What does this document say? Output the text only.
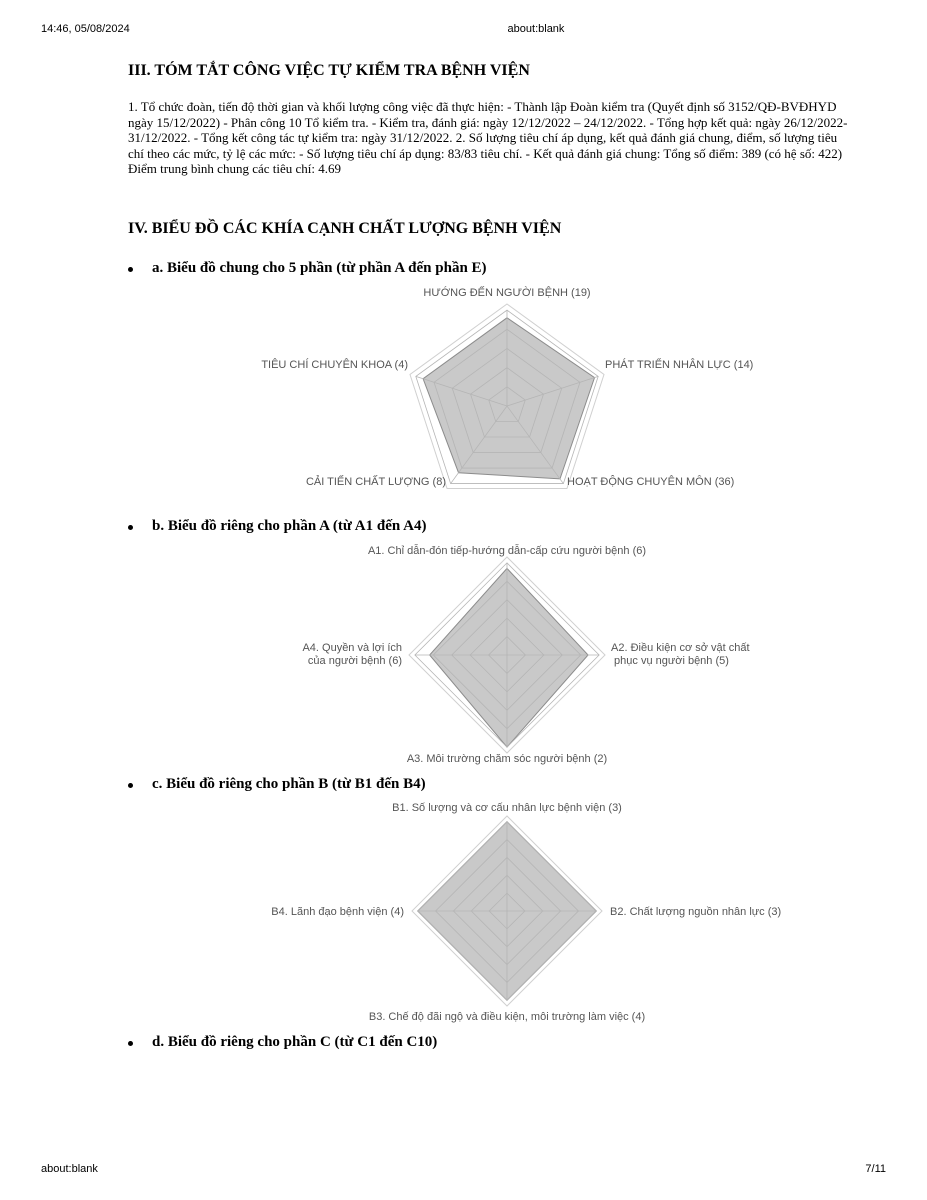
14:46, 05/08/2024	about:blank
III. TÓM TẮT CÔNG VIỆC TỰ KIỂM TRA BỆNH VIỆN

1. Tổ chức đoàn, tiến độ thời gian và khối lượng công việc đã thực hiện: - Thành lập Đoàn kiểm tra (Quyết định số 3152/QĐ-BVĐHYD ngày 15/12/2022) - Phân công 10 Tổ kiểm tra. - Kiểm tra, đánh giá: ngày 12/12/2022 – 24/12/2022. - Tổng hợp kết quả: ngày 26/12/2022-31/12/2022. - Tổng kết công tác tự kiểm tra: ngày 31/12/2022. 2. Số lượng tiêu chí áp dụng, kết quả đánh giá chung, điểm, số lượng tiêu chí theo các mức, tỷ lệ các mức: - Số lượng tiêu chí áp dụng: 83/83 tiêu chí. - Kết quả đánh giá chung: Tổng số điểm: 389 (có hệ số: 422) Điểm trung bình chung các tiêu chí: 4.69

IV. BIỂU ĐỒ CÁC KHÍA CẠNH CHẤT LƯỢNG BỆNH VIỆN
a. Biểu đồ chung cho 5 phần (từ phần A đến phần E)
b. Biểu đồ riêng cho phần A (từ A1 đến A4)
c. Biểu đồ riêng cho phần B (từ B1 đến B4)
d. Biểu đồ riêng cho phần C (từ C1 đến C10)
HƯỚNG ĐẾN NGƯỜI BỆNH (19)
PHÁT TRIỂN NHÂN LỰC (14)
HOẠT ĐỘNG CHUYÊN MÔN (36)
CẢI TIẾN CHẤT LƯỢNG (8)
TIÊU CHÍ CHUYÊN KHOA (4)
A1. Chỉ dẫn-đón tiếp-hướng dẫn-cấp cứu người bệnh (6)
A2. Điều kiện cơ sở vật chất phục vụ người bệnh (5)
A3. Môi trường chăm sóc người bệnh (2)
A4. Quyền và lợi ích của người bệnh (6)
B1. Số lượng và cơ cấu nhân lực bệnh viện (3)
B2. Chất lượng nguồn nhân lực (3)
B3. Chế độ đãi ngộ và điều kiện, môi trường làm việc (4)
B4. Lãnh đạo bệnh viện (4)
about:blank	7/11
